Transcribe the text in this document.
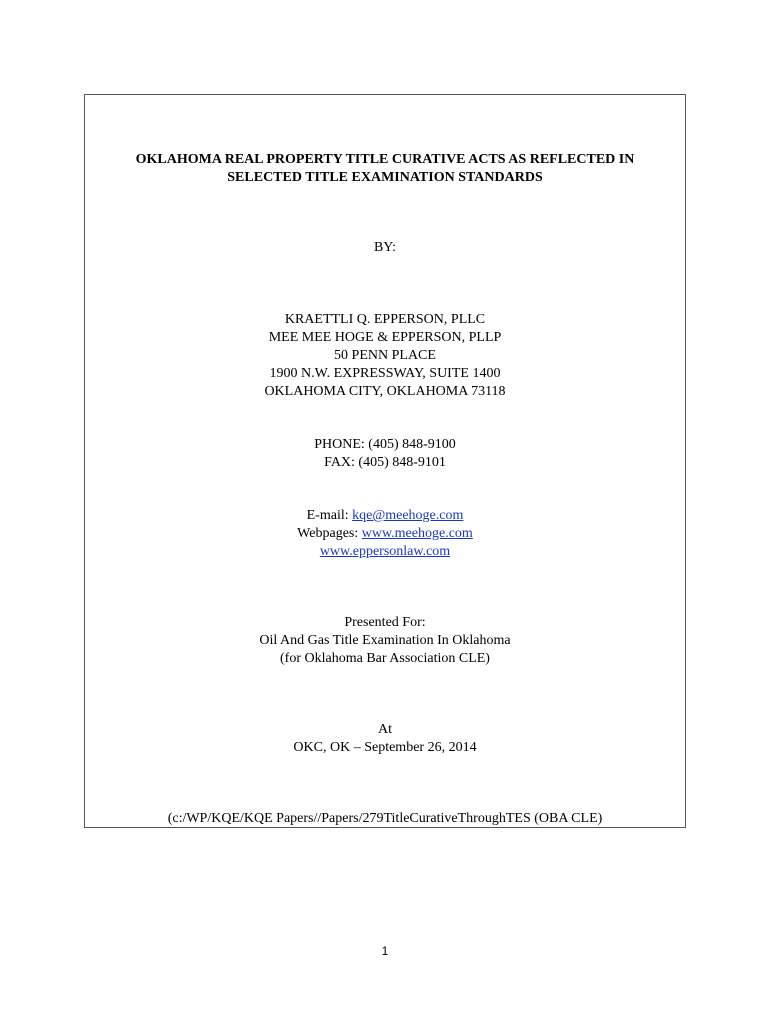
OKLAHOMA REAL PROPERTY TITLE CURATIVE ACTS AS REFLECTED IN
SELECTED TITLE EXAMINATION STANDARDS
BY:
KRAETTLI Q. EPPERSON, PLLC
MEE MEE HOGE & EPPERSON, PLLP
50 PENN PLACE
1900 N.W. EXPRESSWAY, SUITE 1400
OKLAHOMA CITY, OKLAHOMA 73118
PHONE: (405) 848-9100
FAX: (405) 848-9101
E-mail: kqe@meehoge.com
Webpages: www.meehoge.com
www.eppersonlaw.com
Presented For:
Oil And Gas Title Examination In Oklahoma
(for Oklahoma Bar Association CLE)
At
OKC, OK – September 26, 2014
(c:/WP/KQE/KQE Papers//Papers/279TitleCurativeThroughTES (OBA CLE)
1
